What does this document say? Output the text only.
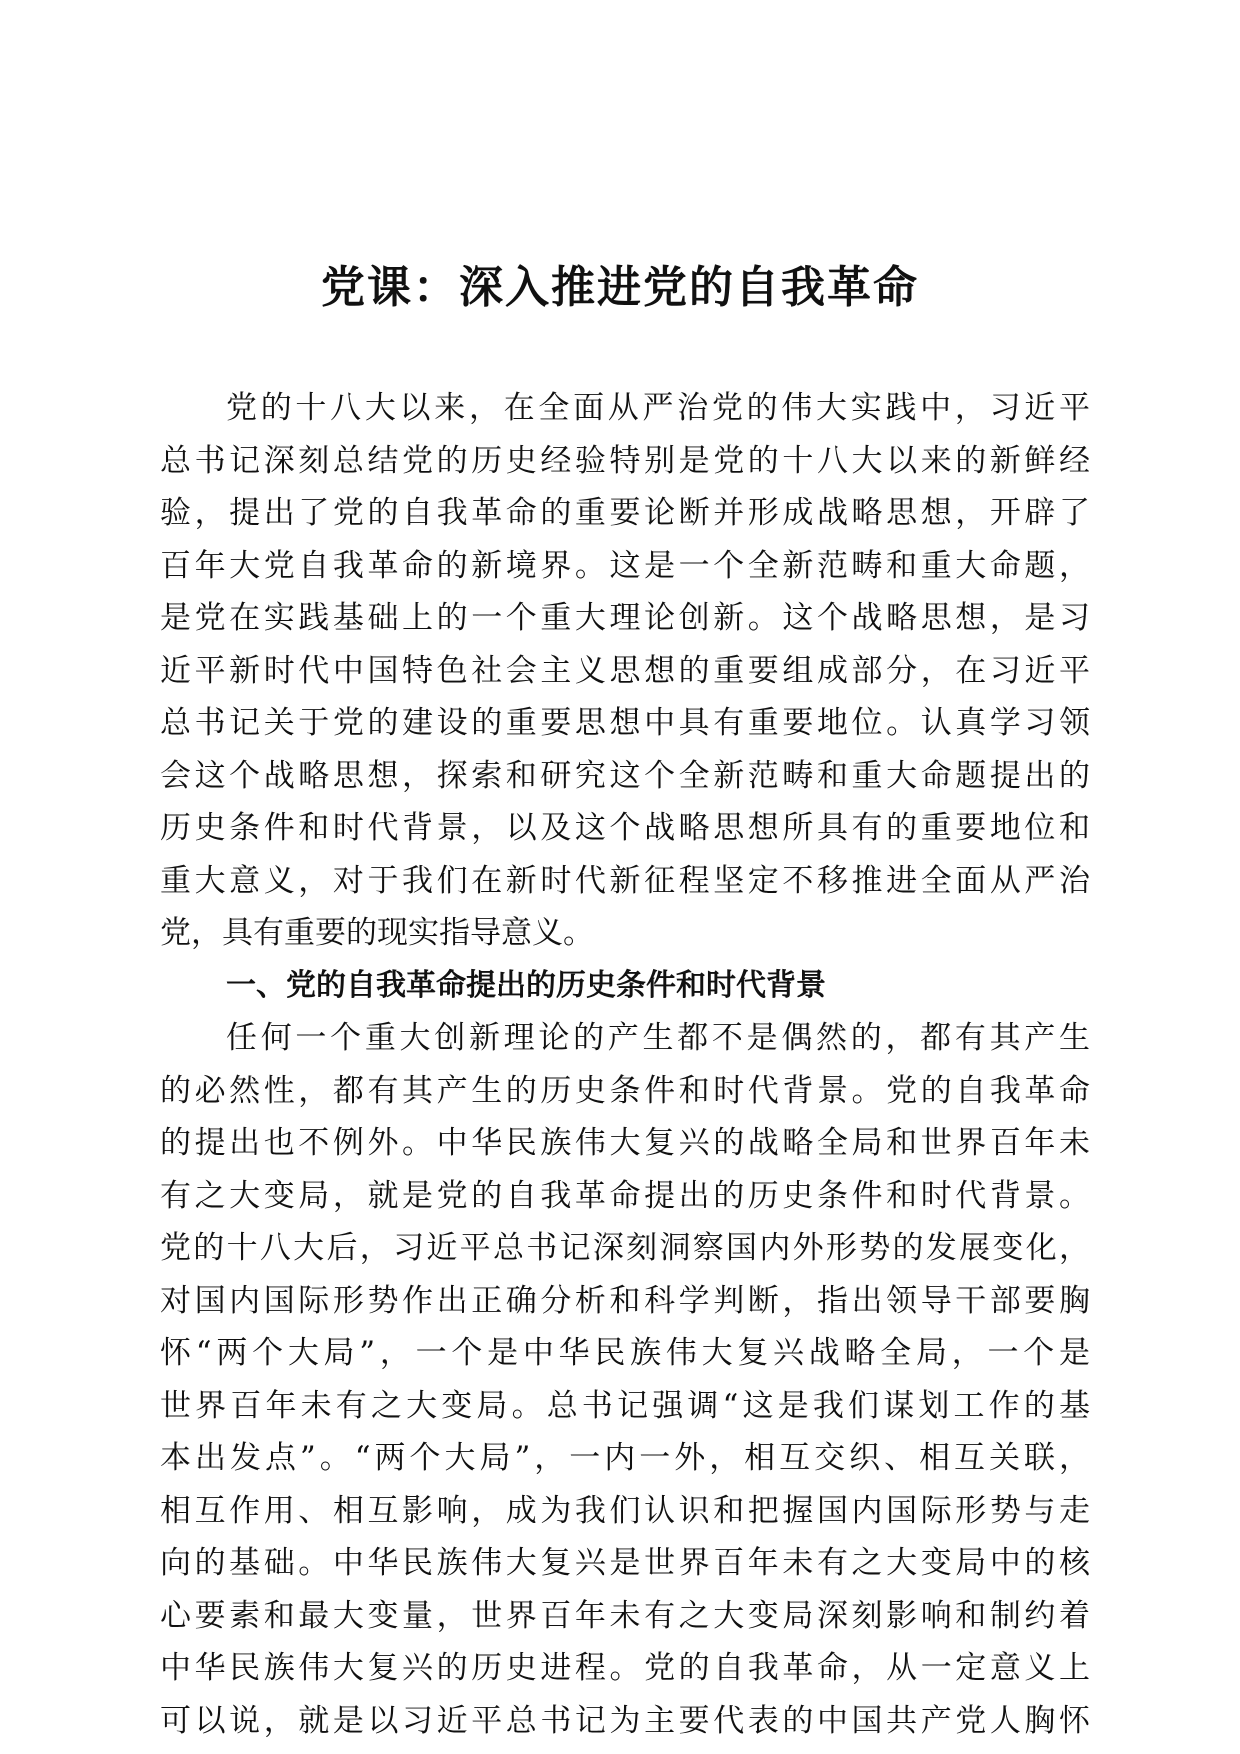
党课：深入推进党的自我革命
党的十八大以来，在全面从严治党的伟大实践中，习近平
总书记深刻总结党的历史经验特别是党的十八大以来的新鲜经
验，提出了党的自我革命的重要论断并形成战略思想，开辟了
百年大党自我革命的新境界。这是一个全新范畴和重大命题，
是党在实践基础上的一个重大理论创新。这个战略思想，是习
近平新时代中国特色社会主义思想的重要组成部分，在习近平
总书记关于党的建设的重要思想中具有重要地位。认真学习领
会这个战略思想，探索和研究这个全新范畴和重大命题提出的
历史条件和时代背景，以及这个战略思想所具有的重要地位和
重大意义，对于我们在新时代新征程坚定不移推进全面从严治
党，具有重要的现实指导意义。
一、党的自我革命提出的历史条件和时代背景
任何一个重大创新理论的产生都不是偶然的，都有其产生
的必然性，都有其产生的历史条件和时代背景。党的自我革命
的提出也不例外。中华民族伟大复兴的战略全局和世界百年未
有之大变局，就是党的自我革命提出的历史条件和时代背景。
党的十八大后，习近平总书记深刻洞察国内外形势的发展变化，
对国内国际形势作出正确分析和科学判断，指出领导干部要胸
怀“两个大局”，一个是中华民族伟大复兴战略全局，一个是
世界百年未有之大变局。总书记强调“这是我们谋划工作的基
本出发点”。“两个大局”，一内一外，相互交织、相互关联，
相互作用、相互影响，成为我们认识和把握国内国际形势与走
向的基础。中华民族伟大复兴是世界百年未有之大变局中的核
心要素和最大变量，世界百年未有之大变局深刻影响和制约着
中华民族伟大复兴的历史进程。党的自我革命，从一定意义上
可以说，就是以习近平总书记为主要代表的中国共产党人胸怀
